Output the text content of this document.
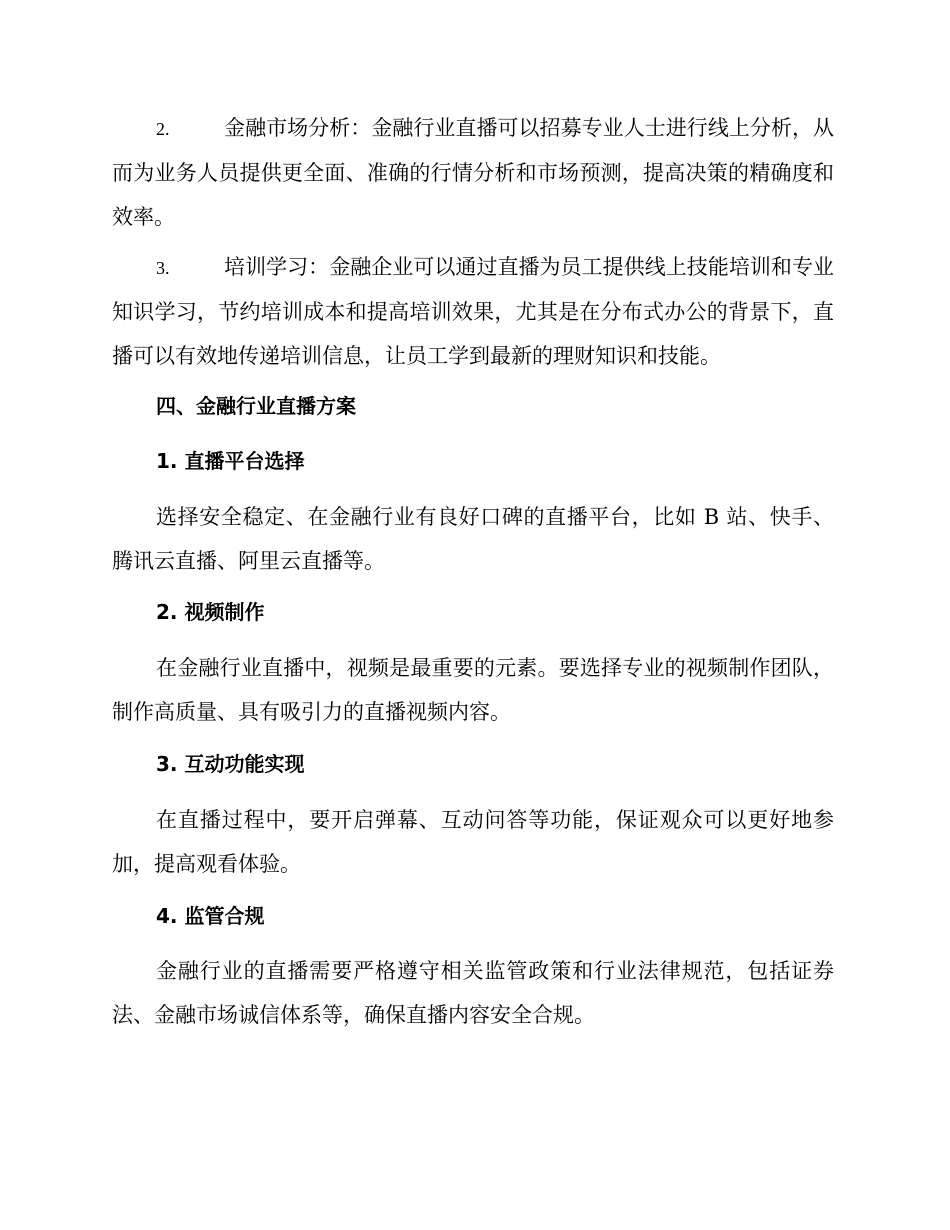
2.	金融市场分析：金融行业直播可以招募专业人士进行线上分析，从而为业务人员提供更全面、准确的行情分析和市场预测，提高决策的精确度和效率。

3.	培训学习：金融企业可以通过直播为员工提供线上技能培训和专业知识学习，节约培训成本和提高培训效果，尤其是在分布式办公的背景下，直播可以有效地传递培训信息，让员工学到最新的理财知识和技能。

四、金融行业直播方案
1. 直播平台选择

选择安全稳定、在金融行业有良好口碑的直播平台，比如 B 站、快手、腾讯云直播、阿里云直播等。

2. 视频制作

在金融行业直播中，视频是最重要的元素。要选择专业的视频制作团队，制作高质量、具有吸引力的直播视频内容。

3. 互动功能实现

在直播过程中，要开启弹幕、互动问答等功能，保证观众可以更好地参加，提高观看体验。

4. 监管合规

金融行业的直播需要严格遵守相关监管政策和行业法律规范，包括证券法、金融市场诚信体系等，确保直播内容安全合规。
